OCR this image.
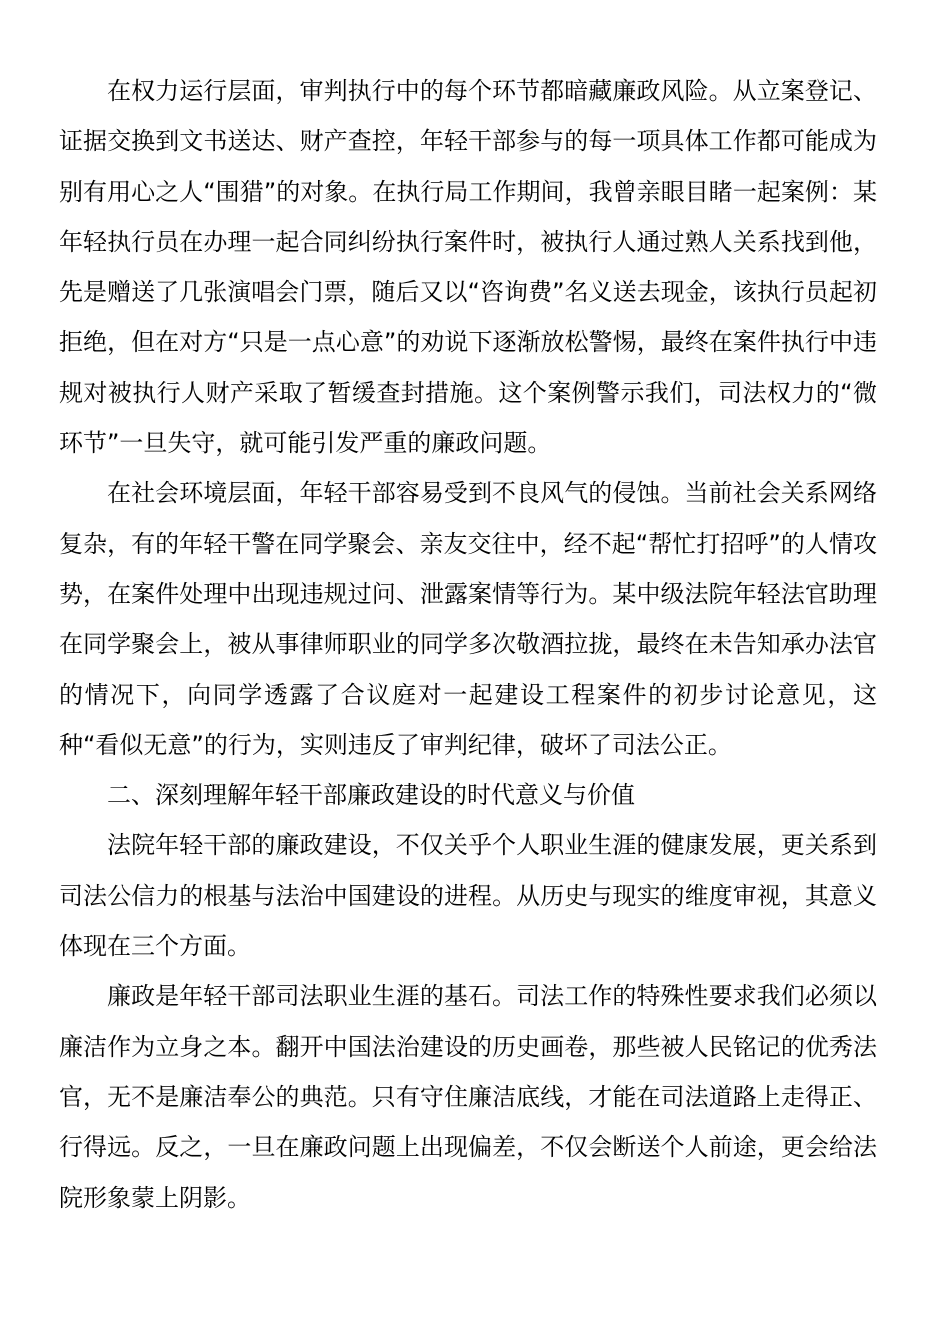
在权力运行层面，审判执行中的每个环节都暗藏廉政风险。从立案登记、证据交换到文书送达、财产查控，年轻干部参与的每一项具体工作都可能成为别有用心之人“围猎”的对象。在执行局工作期间，我曾亲眼目睹一起案例：某年轻执行员在办理一起合同纠纷执行案件时，被执行人通过熟人关系找到他，先是赠送了几张演唱会门票，随后又以“咨询费”名义送去现金，该执行员起初拒绝，但在对方“只是一点心意”的劝说下逐渐放松警惕，最终在案件执行中违规对被执行人财产采取了暂缓查封措施。这个案例警示我们，司法权力的“微环节”一旦失守，就可能引发严重的廉政问题。

在社会环境层面，年轻干部容易受到不良风气的侵蚀。当前社会关系网络复杂，有的年轻干警在同学聚会、亲友交往中，经不起“帮忙打招呼”的人情攻势，在案件处理中出现违规过问、泄露案情等行为。某中级法院年轻法官助理在同学聚会上，被从事律师职业的同学多次敬酒拉拢，最终在未告知承办法官的情况下，向同学透露了合议庭对一起建设工程案件的初步讨论意见，这种“看似无意”的行为，实则违反了审判纪律，破坏了司法公正。

二、深刻理解年轻干部廉政建设的时代意义与价值

法院年轻干部的廉政建设，不仅关乎个人职业生涯的健康发展，更关系到司法公信力的根基与法治中国建设的进程。从历史与现实的维度审视，其意义体现在三个方面。

廉政是年轻干部司法职业生涯的基石。司法工作的特殊性要求我们必须以廉洁作为立身之本。翻开中国法治建设的历史画卷，那些被人民铭记的优秀法官，无不是廉洁奉公的典范。只有守住廉洁底线，才能在司法道路上走得正、行得远。反之，一旦在廉政问题上出现偏差，不仅会断送个人前途，更会给法院形象蒙上阴影。
